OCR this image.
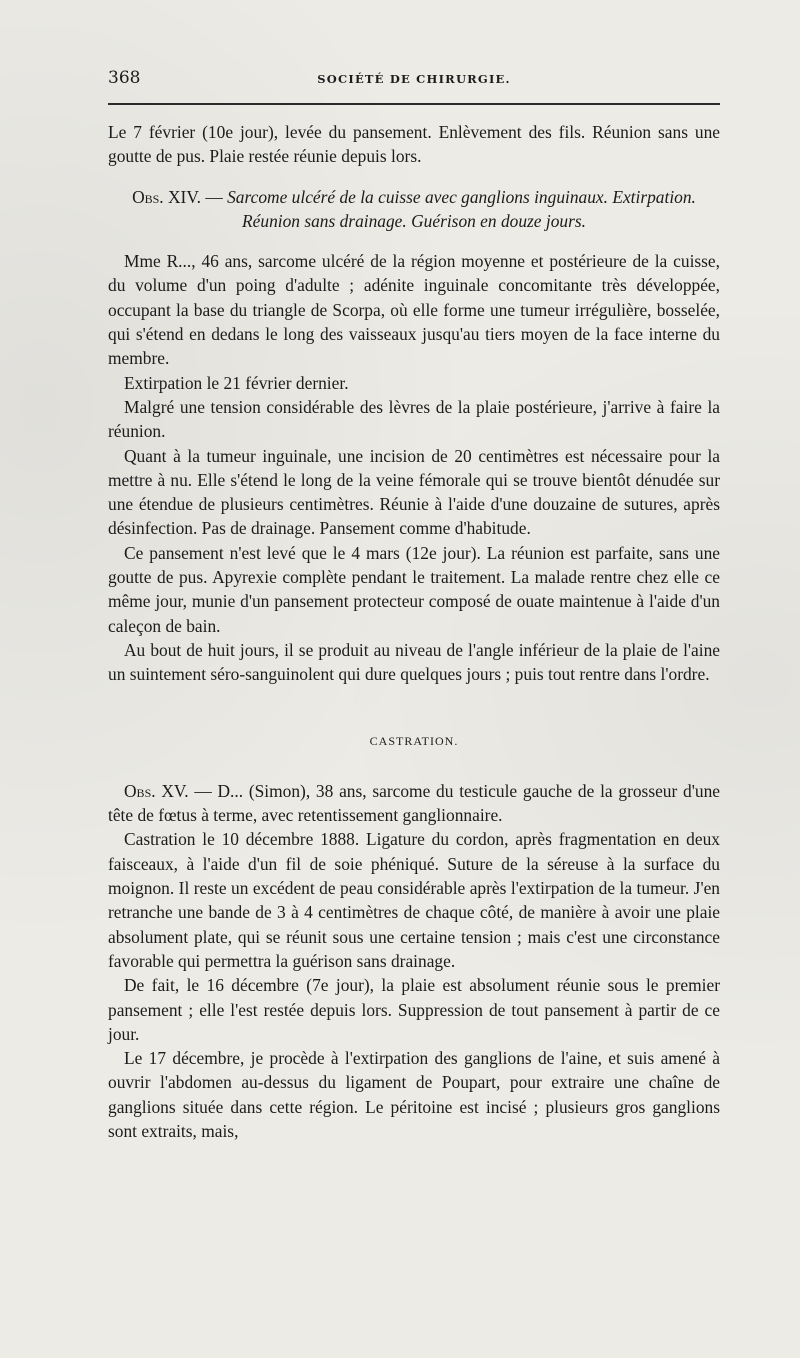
368	SOCIÉTÉ DE CHIRURGIE.

Le 7 février (10e jour), levée du pansement. Enlèvement des fils. Réunion sans une goutte de pus. Plaie restée réunie depuis lors.

Obs. XIV. — Sarcome ulcéré de la cuisse avec ganglions inguinaux. Extirpation. Réunion sans drainage. Guérison en douze jours.

Mme R..., 46 ans, sarcome ulcéré de la région moyenne et postérieure de la cuisse, du volume d'un poing d'adulte ; adénite inguinale concomitante très développée, occupant la base du triangle de Scorpa, où elle forme une tumeur irrégulière, bosselée, qui s'étend en dedans le long des vaisseaux jusqu'au tiers moyen de la face interne du membre.

Extirpation le 21 février dernier.

Malgré une tension considérable des lèvres de la plaie postérieure, j'arrive à faire la réunion.

Quant à la tumeur inguinale, une incision de 20 centimètres est nécessaire pour la mettre à nu. Elle s'étend le long de la veine fémorale qui se trouve bientôt dénudée sur une étendue de plusieurs centimètres. Réunie à l'aide d'une douzaine de sutures, après désinfection. Pas de drainage. Pansement comme d'habitude.

Ce pansement n'est levé que le 4 mars (12e jour). La réunion est parfaite, sans une goutte de pus. Apyrexie complète pendant le traitement. La malade rentre chez elle ce même jour, munie d'un pansement protecteur composé de ouate maintenue à l'aide d'un caleçon de bain.

Au bout de huit jours, il se produit au niveau de l'angle inférieur de la plaie de l'aine un suintement séro-sanguinolent qui dure quelques jours ; puis tout rentre dans l'ordre.

CASTRATION.

Obs. XV. — D... (Simon), 38 ans, sarcome du testicule gauche de la grosseur d'une tête de fœtus à terme, avec retentissement ganglionnaire.

Castration le 10 décembre 1888. Ligature du cordon, après fragmentation en deux faisceaux, à l'aide d'un fil de soie phéniqué. Suture de la séreuse à la surface du moignon. Il reste un excédent de peau considérable après l'extirpation de la tumeur. J'en retranche une bande de 3 à 4 centimètres de chaque côté, de manière à avoir une plaie absolument plate, qui se réunit sous une certaine tension ; mais c'est une circonstance favorable qui permettra la guérison sans drainage.

De fait, le 16 décembre (7e jour), la plaie est absolument réunie sous le premier pansement ; elle l'est restée depuis lors. Suppression de tout pansement à partir de ce jour.

Le 17 décembre, je procède à l'extirpation des ganglions de l'aine, et suis amené à ouvrir l'abdomen au-dessus du ligament de Poupart, pour extraire une chaîne de ganglions située dans cette région. Le péritoine est incisé ; plusieurs gros ganglions sont extraits, mais,
